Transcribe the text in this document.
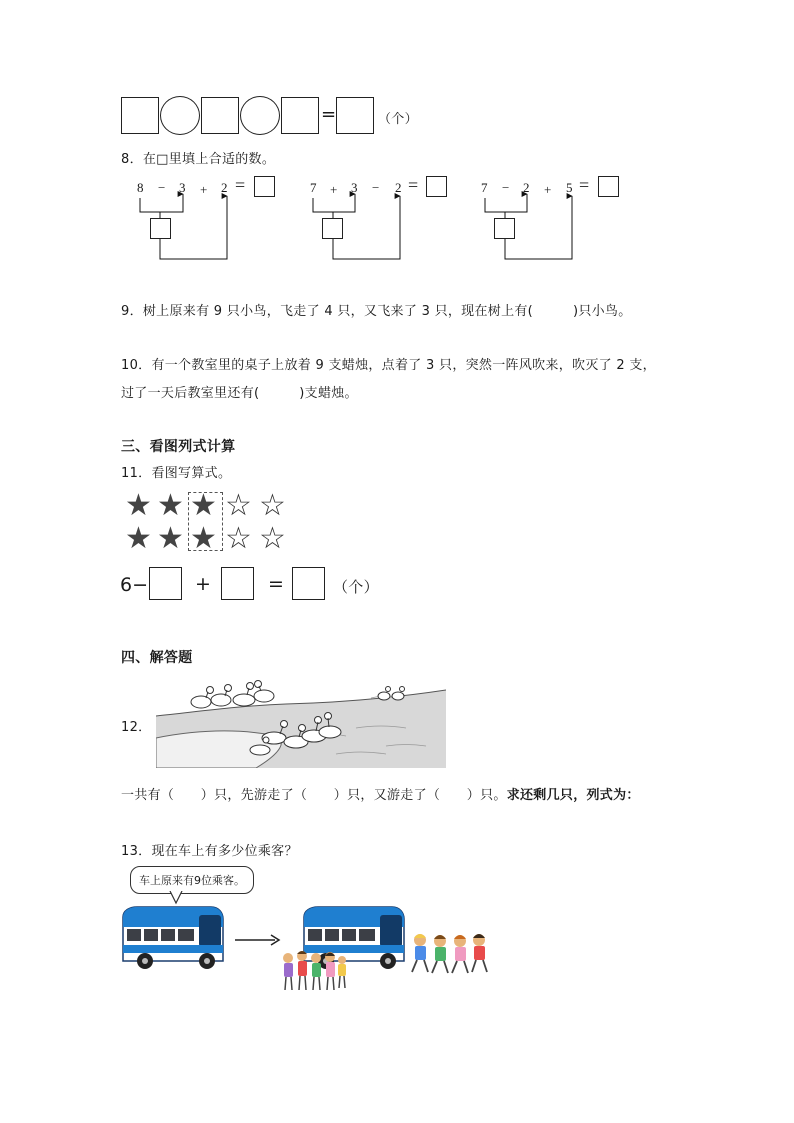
=	（个）
8．在□里填上合适的数。
8 − 3 + 2 =	7 + 3 − 2 =	7 − 2 + 5 =
9．树上原来有 9 只小鸟，飞走了 4 只，又飞来了 3 只，现在树上有(　　　)只小鸟。
10．有一个教室里的桌子上放着 9 支蜡烛，点着了 3 只，突然一阵风吹来，吹灭了 2 支，
过了一天后教室里还有(　　　)支蜡烛。
三、看图列式计算
11．看图写算式。
★ ★ ★ ☆ ☆
★ ★ ★ ☆ ☆
6− +	=	（个）
四、解答题
12．
一共有（　　）只，先游走了（　　）只，又游走了（　　）只。求还剩几只，列式为：
13．现在车上有多少位乘客？
车上原来有9位乘客。
